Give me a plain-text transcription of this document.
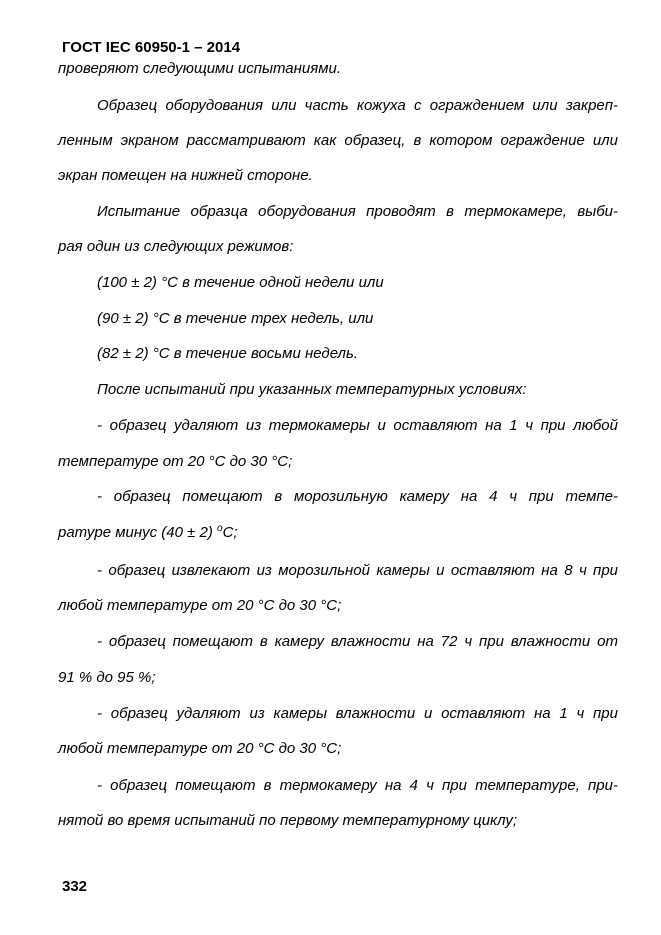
ГОСТ IEC 60950-1 – 2014
проверяют следующими испытаниями.
Образец оборудования или часть кожуха с ограждением или закреп-
ленным экраном рассматривают как образец, в котором ограждение или
экран помещен на нижней стороне.
Испытание образца оборудования проводят в термокамере, выби-
рая один из следующих режимов:
(100 ± 2) °С в течение одной недели или
(90 ± 2) °С в течение трех недель, или
(82 ± 2) °С в течение восьми недель.
После испытаний при указанных температурных условиях:
- образец удаляют из термокамеры и оставляют на 1 ч при любой
температуре от 20 °С до 30 °С;
- образец помещают в морозильную камеру на 4 ч при темпе-
ратуре минус (40 ± 2) $^o$С;
- образец извлекают из морозильной камеры и оставляют на 8 ч при
любой температуре от 20 °С до 30 °С;
- образец помещают в камеру влажности на 72 ч при влажности от
91 % до 95 %;
- образец удаляют из камеры влажности и оставляют на 1 ч при
любой температуре от 20 °С до 30 °С;
- образец помещают в термокамеру на 4 ч при температуре, при-
нятой во время испытаний по первому температурному циклу;
332
